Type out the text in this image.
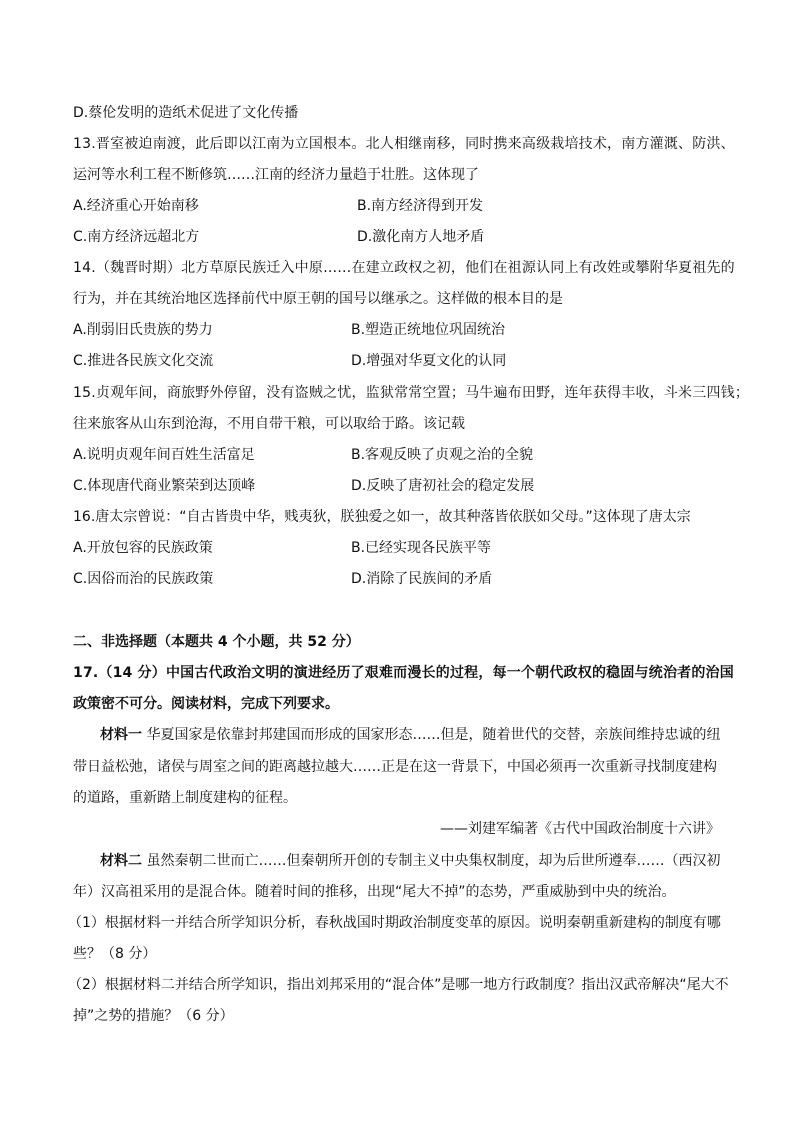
D.蔡伦发明的造纸术促进了文化传播
13.晋室被迫南渡，此后即以江南为立国根本。北人相继南移，同时携来高级栽培技术，南方灌溉、防洪、
运河等水利工程不断修筑……江南的经济力量趋于壮胜。这体现了
A.经济重心开始南移	B.南方经济得到开发
C.南方经济远超北方	D.激化南方人地矛盾
14.（魏晋时期）北方草原民族迁入中原……在建立政权之初，他们在祖源认同上有改姓或攀附华夏祖先的
行为，并在其统治地区选择前代中原王朝的国号以继承之。这样做的根本目的是
A.削弱旧氏贵族的势力	B.塑造正统地位巩固统治
C.推进各民族文化交流	D.增强对华夏文化的认同
15.贞观年间，商旅野外停留，没有盗贼之忧，监狱常常空置；马牛遍布田野，连年获得丰收，斗米三四钱；
往来旅客从山东到沧海，不用自带干粮，可以取给于路。该记载
A.说明贞观年间百姓生活富足	B.客观反映了贞观之治的全貌
C.体现唐代商业繁荣到达顶峰	D.反映了唐初社会的稳定发展
16.唐太宗曾说：“自古皆贵中华，贱夷狄，朕独爱之如一，故其种落皆依朕如父母。”这体现了唐太宗
A.开放包容的民族政策	B.已经实现各民族平等
C.因俗而治的民族政策	D.消除了民族间的矛盾
二、非选择题（本题共 4 个小题，共 52 分）
17.（14 分）中国古代政治文明的演进经历了艰难而漫长的过程，每一个朝代政权的稳固与统治者的治国
政策密不可分。阅读材料，完成下列要求。
材料一 华夏国家是依靠封邦建国而形成的国家形态……但是，随着世代的交替，亲族间维持忠诚的纽
带日益松弛，诸侯与周室之间的距离越拉越大……正是在这一背景下，中国必须再一次重新寻找制度建构
的道路，重新踏上制度建构的征程。
——刘建军编著《古代中国政治制度十六讲》
材料二 虽然秦朝二世而亡……但秦朝所开创的专制主义中央集权制度，却为后世所遵奉……（西汉初
年）汉高祖采用的是混合体。随着时间的推移，出现“尾大不掉”的态势，严重威胁到中央的统治。
（1）根据材料一并结合所学知识分析，春秋战国时期政治制度变革的原因。说明秦朝重新建构的制度有哪
些？（8 分）
（2）根据材料二并结合所学知识，指出刘邦采用的“混合体”是哪一地方行政制度？指出汉武帝解决“尾大不
掉”之势的措施？（6 分）
